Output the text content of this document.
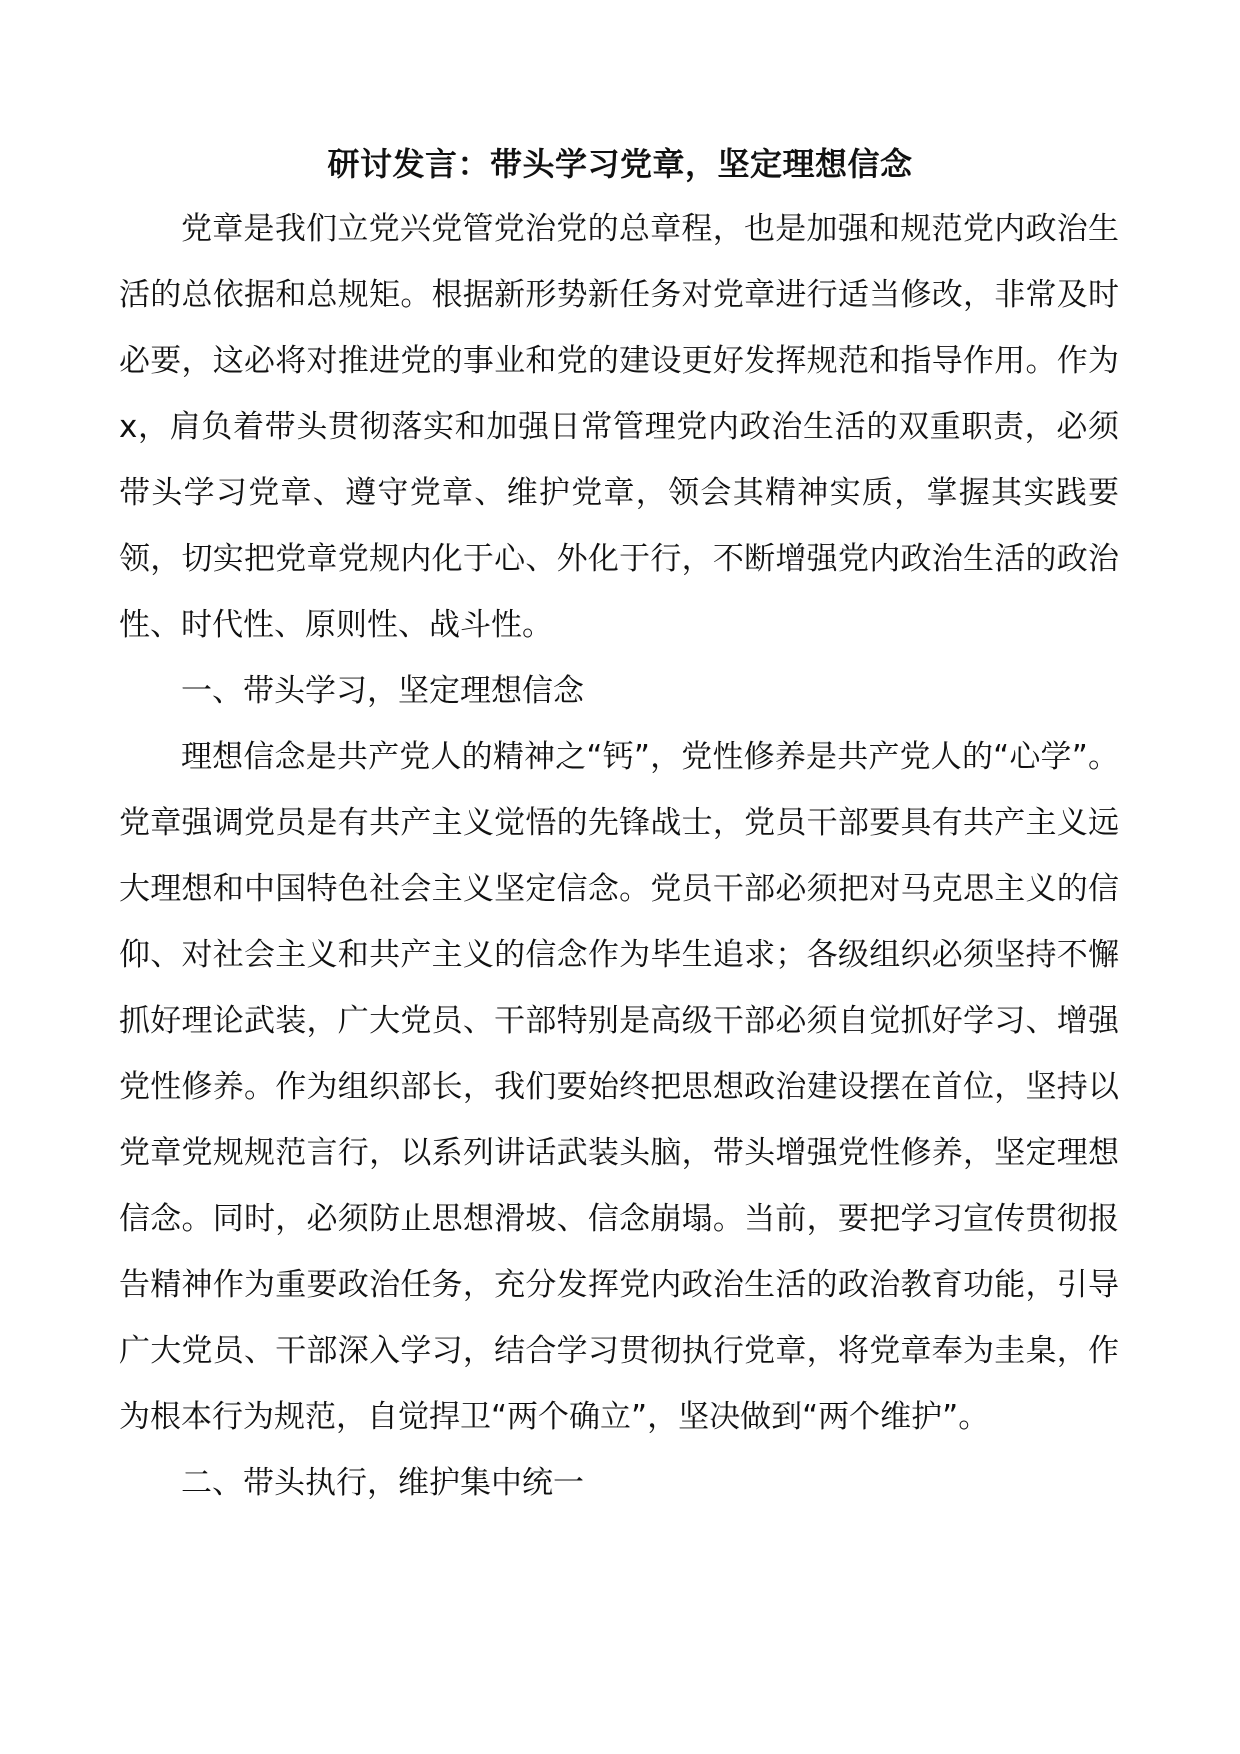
研讨发言：带头学习党章，坚定理想信念

党章是我们立党兴党管党治党的总章程，也是加强和规范党内政治生活的总依据和总规矩。根据新形势新任务对党章进行适当修改，非常及时必要，这必将对推进党的事业和党的建设更好发挥规范和指导作用。作为x，肩负着带头贯彻落实和加强日常管理党内政治生活的双重职责，必须带头学习党章、遵守党章、维护党章，领会其精神实质，掌握其实践要领，切实把党章党规内化于心、外化于行，不断增强党内政治生活的政治性、时代性、原则性、战斗性。

一、带头学习，坚定理想信念

理想信念是共产党人的精神之“钙”，党性修养是共产党人的“心学”。党章强调党员是有共产主义觉悟的先锋战士，党员干部要具有共产主义远大理想和中国特色社会主义坚定信念。党员干部必须把对马克思主义的信仰、对社会主义和共产主义的信念作为毕生追求；各级组织必须坚持不懈抓好理论武装，广大党员、干部特别是高级干部必须自觉抓好学习、增强党性修养。作为组织部长，我们要始终把思想政治建设摆在首位，坚持以党章党规规范言行，以系列讲话武装头脑，带头增强党性修养，坚定理想信念。同时，必须防止思想滑坡、信念崩塌。当前，要把学习宣传贯彻报告精神作为重要政治任务，充分发挥党内政治生活的政治教育功能，引导广大党员、干部深入学习，结合学习贯彻执行党章，将党章奉为圭臬，作为根本行为规范，自觉捍卫“两个确立”，坚决做到“两个维护”。

二、带头执行，维护集中统一
